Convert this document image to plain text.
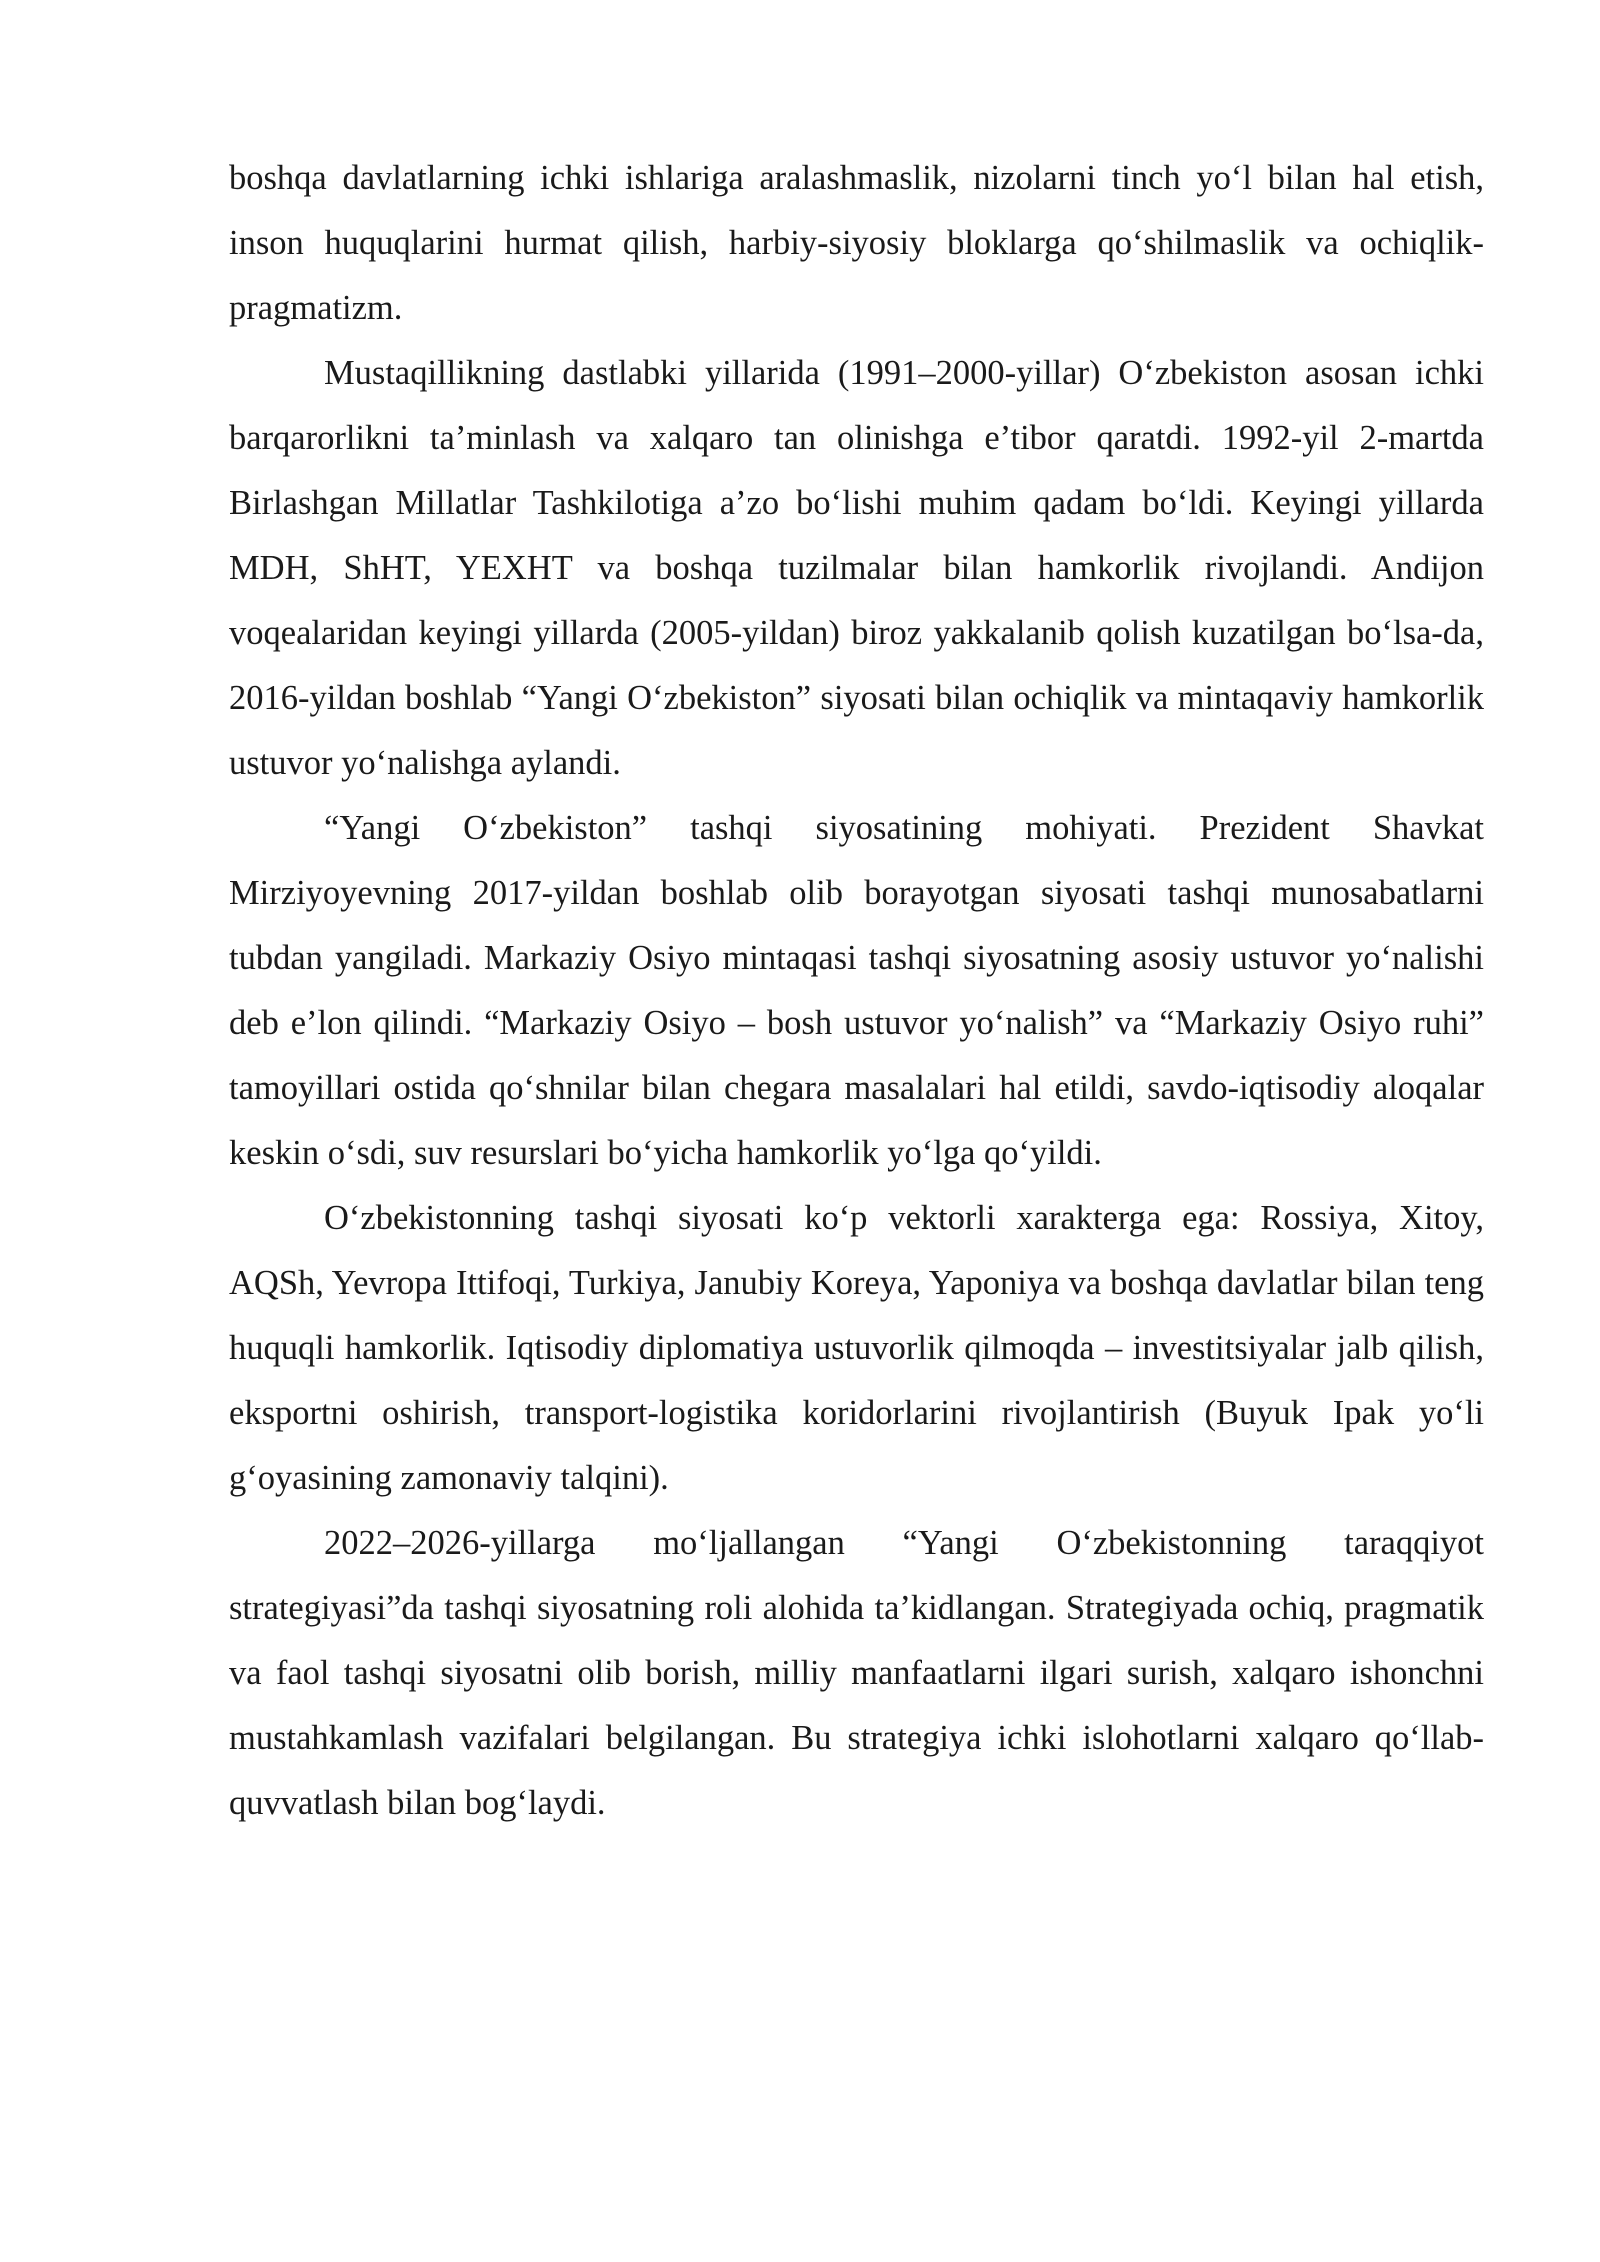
boshqa davlatlarning ichki ishlariga aralashmaslik, nizolarni tinch yo‘l bilan hal etish, inson huquqlarini hurmat qilish, harbiy-siyosiy bloklarga qo‘shilmaslik va ochiqlik-pragmatizm.

Mustaqillikning dastlabki yillarida (1991–2000-yillar) O‘zbekiston asosan ichki barqarorlikni ta’minlash va xalqaro tan olinishga e’tibor qaratdi. 1992-yil 2-martda Birlashgan Millatlar Tashkilotiga a’zo bo‘lishi muhim qadam bo‘ldi. Keyingi yillarda MDH, ShHT, YEXHT va boshqa tuzilmalar bilan hamkorlik rivojlandi. Andijon voqealaridan keyingi yillarda (2005-yildan) biroz yakkalanib qolish kuzatilgan bo‘lsa-da, 2016-yildan boshlab “Yangi O‘zbekiston” siyosati bilan ochiqlik va mintaqaviy hamkorlik ustuvor yo‘nalishga aylandi.

“Yangi O‘zbekiston” tashqi siyosatining mohiyati. Prezident Shavkat Mirziyoyevning 2017-yildan boshlab olib borayotgan siyosati tashqi munosabatlarni tubdan yangiladi. Markaziy Osiyo mintaqasi tashqi siyosatning asosiy ustuvor yo‘nalishi deb e’lon qilindi. “Markaziy Osiyo – bosh ustuvor yo‘nalish” va “Markaziy Osiyo ruhi” tamoyillari ostida qo‘shnilar bilan chegara masalalari hal etildi, savdo-iqtisodiy aloqalar keskin o‘sdi, suv resurslari bo‘yicha hamkorlik yo‘lga qo‘yildi.

O‘zbekistonning tashqi siyosati ko‘p vektorli xarakterga ega: Rossiya, Xitoy, AQSh, Yevropa Ittifoqi, Turkiya, Janubiy Koreya, Yaponiya va boshqa davlatlar bilan teng huquqli hamkorlik. Iqtisodiy diplomatiya ustuvorlik qilmoqda – investitsiyalar jalb qilish, eksportni oshirish, transport-logistika koridorlarini rivojlantirish (Buyuk Ipak yo‘li g‘oyasining zamonaviy talqini).

2022–2026-yillarga mo‘ljallangan “Yangi O‘zbekistonning taraqqiyot strategiyasi”da tashqi siyosatning roli alohida ta’kidlangan. Strategiyada ochiq, pragmatik va faol tashqi siyosatni olib borish, milliy manfaatlarni ilgari surish, xalqaro ishonchni mustahkamlash vazifalari belgilangan. Bu strategiya ichki islohotlarni xalqaro qo‘llab-quvvatlash bilan bog‘laydi.
